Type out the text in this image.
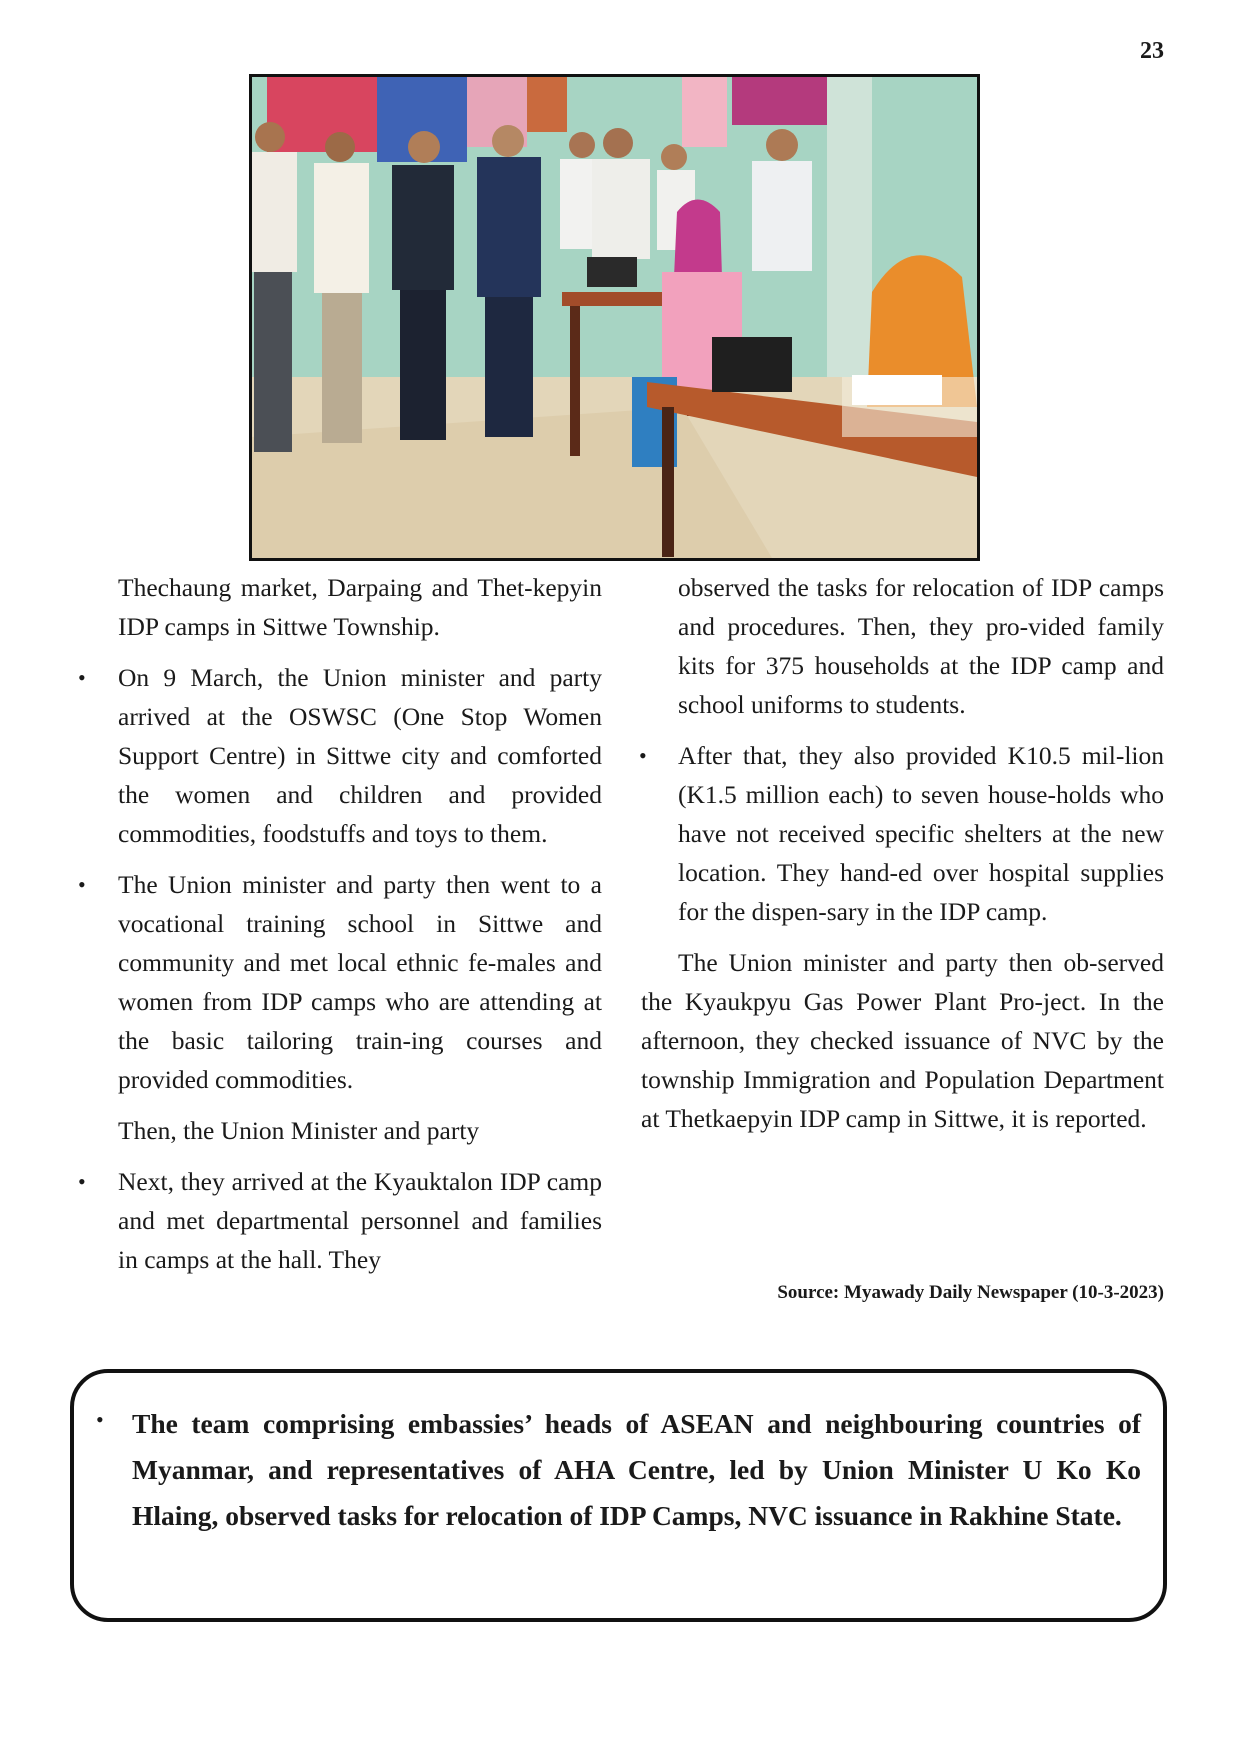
23

Thechaung market, Darpaing and Thet-kepyin IDP camps in Sittwe Township.

• On 9 March, the Union minister and party arrived at the OSWSC (One Stop Women Support Centre) in Sittwe city and comforted the women and children and provided commodities, foodstuffs and toys to them.

• The Union minister and party then went to a vocational training school in Sittwe and community and met local ethnic fe-males and women from IDP camps who are attending at the basic tailoring train-ing courses and provided commodities.

Then, the Union Minister and party

• Next, they arrived at the Kyauktalon IDP camp and met departmental personnel and families in camps at the hall. They

observed the tasks for relocation of IDP camps and procedures. Then, they pro-vided family kits for 375 households at the IDP camp and school uniforms to students.

• After that, they also provided K10.5 mil-lion (K1.5 million each) to seven house-holds who have not received specific shelters at the new location. They hand-ed over hospital supplies for the dispen-sary in the IDP camp.

The Union minister and party then ob-served the Kyaukpyu Gas Power Plant Pro-ject. In the afternoon, they checked issuance of NVC by the township Immigration and Population Department at Thetkaepyin IDP camp in Sittwe, it is reported.

Source: Myawady Daily Newspaper (10-3-2023)
• The team comprising embassies’ heads of ASEAN and neighbouring countries of Myanmar, and representatives of AHA Centre, led by Union Minister U Ko Ko Hlaing, observed tasks for relocation of IDP Camps, NVC issuance in Rakhine State.
